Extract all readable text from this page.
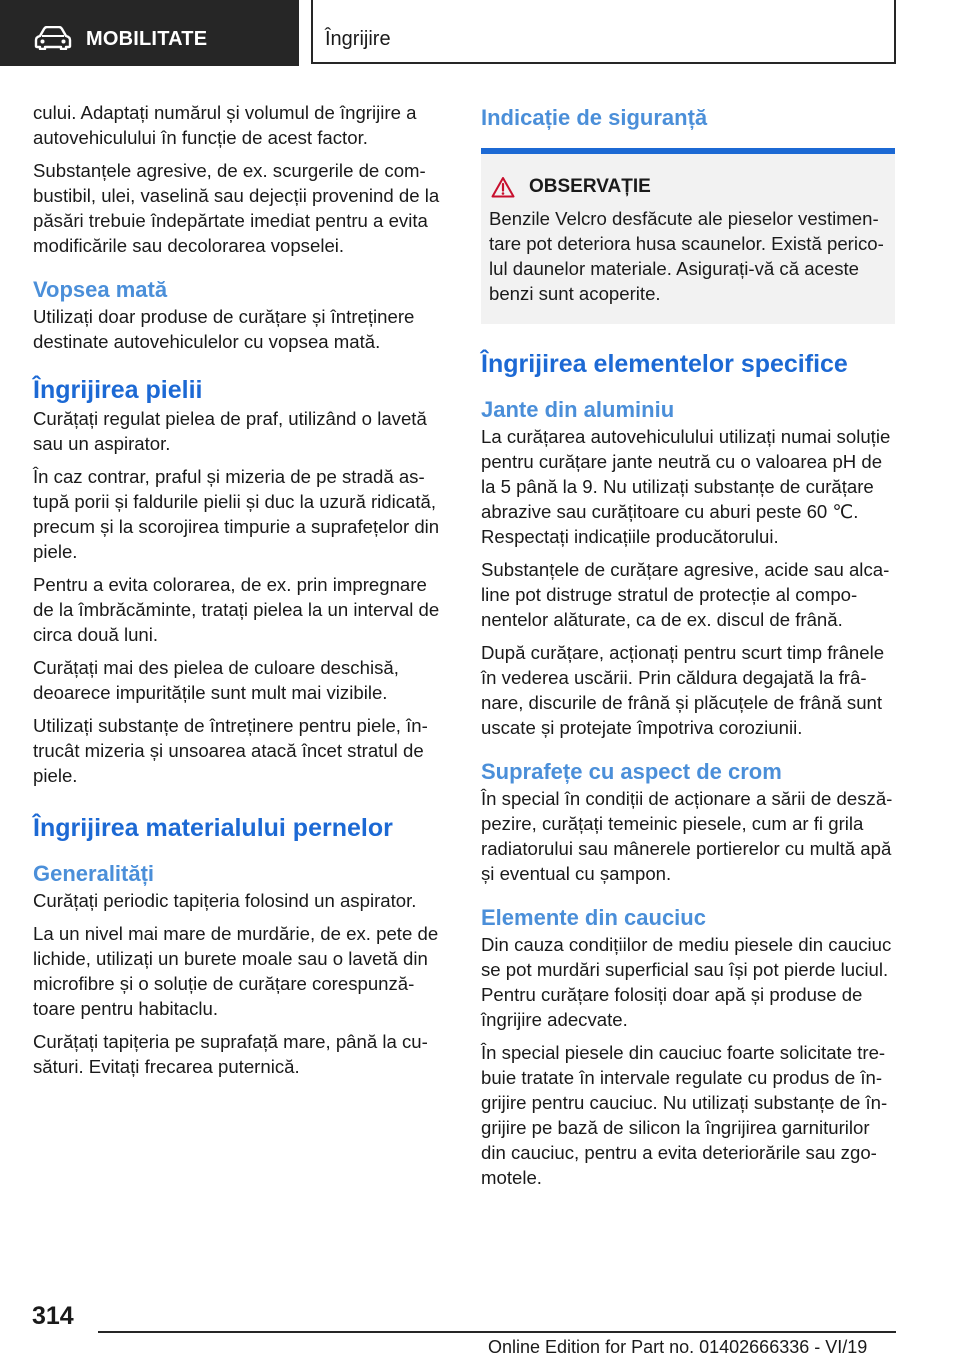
MOBILITATE	Îngrijire

cului. Adaptați numărul și volumul de îngrijire a autovehiculului în funcție de acest factor.

Substanțele agresive, de ex. scurgerile de combustibil, ulei, vaselină sau dejecții provenind de la păsări trebuie îndepărtate imediat pentru a evita modificările sau decolorarea vopselei.

Vopsea mată

Utilizați doar produse de curățare și întreținere destinate autovehiculelor cu vopsea mată.

Îngrijirea pielii

Curățați regulat pielea de praf, utilizând o lavetă sau un aspirator.

În caz contrar, praful și mizeria de pe stradă astupă porii și faldurile pielii și duc la uzură ridicată, precum și la scorojirea timpurie a suprafețelor din piele.

Pentru a evita colorarea, de ex. prin impregnare de la îmbrăcăminte, tratați pielea la un interval de circa două luni.

Curățați mai des pielea de culoare deschisă, deoarece impuritățile sunt mult mai vizibile.

Utilizați substanțe de întreținere pentru piele, întrucât mizeria și unsoarea atacă încet stratul de piele.

Îngrijirea materialului pernelor
Generalități

Curățați periodic tapițeria folosind un aspirator.

La un nivel mai mare de murdărie, de ex. pete de lichide, utilizați un burete moale sau o lavetă din microfibre și o soluție de curățare corespunzătoare pentru habitaclu.

Curățați tapițeria pe suprafață mare, până la cusături. Evitați frecarea puternică.

Indicație de siguranță
OBSERVAȚIE

Benzile Velcro desfăcute ale pieselor vestimentare pot deteriora husa scaunelor. Există pericolul daunelor materiale. Asigurați-vă că aceste benzi sunt acoperite.

Îngrijirea elementelor specifice
Jante din aluminiu

La curățarea autovehiculului utilizați numai soluție pentru curățare jante neutră cu o valoarea pH de la 5 până la 9. Nu utilizați substanțe de curățare abrazive sau curățitoare cu aburi peste 60 ℃. Respectați indicațiile producătorului.

Substanțele de curățare agresive, acide sau alcaline pot distruge stratul de protecție al componentelor alăturate, ca de ex. discul de frână.

După curățare, acționați pentru scurt timp frânele în vederea uscării. Prin căldura degajată la frânare, discurile de frână și plăcuțele de frână sunt uscate și protejate împotriva coroziunii.

Suprafețe cu aspect de crom

În special în condiții de acționare a sării de deszăpezire, curățați temeinic piesele, cum ar fi grila radiatorului sau mânerele portierelor cu multă apă și eventual cu șampon.

Elemente din cauciuc

Din cauza condițiilor de mediu piesele din cauciuc se pot murdări superficial sau își pot pierde luciul. Pentru curățare folosiți doar apă și produse de îngrijire adecvate.

În special piesele din cauciuc foarte solicitate trebuie tratate în intervale regulate cu produs de îngrijire pentru cauciuc. Nu utilizați substanțe de îngrijire pe bază de silicon la îngrijirea garniturilor din cauciuc, pentru a evita deteriorările sau zgomotele.

314
Online Edition for Part no. 01402666336 - VI/19
